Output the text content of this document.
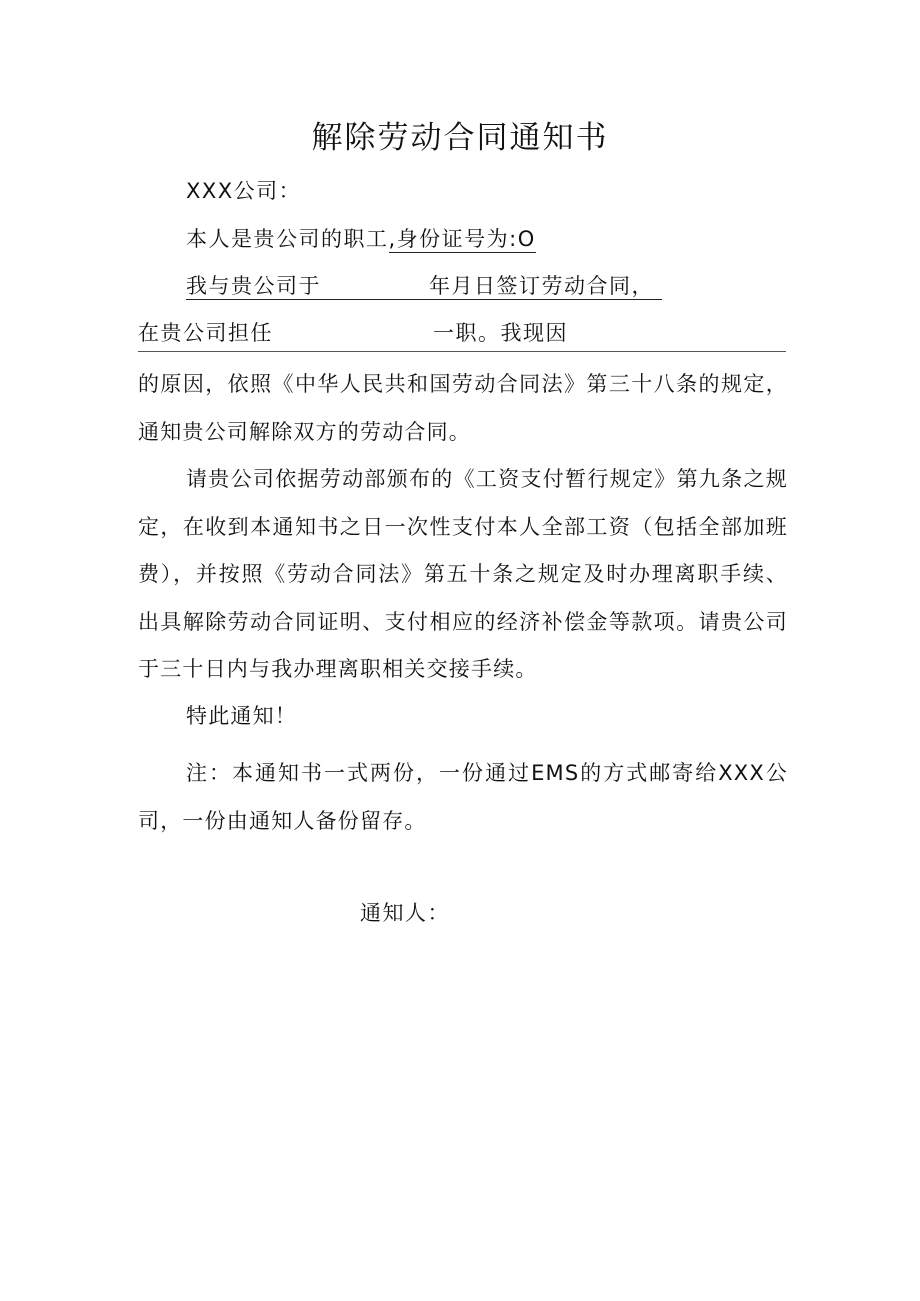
解除劳动合同通知书
XXX公司：
本人是贵公司的职工,身份证号为:O
我与贵公司于	年月日签订劳动合同，
在贵公司担任	一职。我现因

的原因，依照《中华人民共和国劳动合同法》第三十八条的规定，通知贵公司解除双方的劳动合同。

请贵公司依据劳动部颁布的《工资支付暂行规定》第九条之规定，在收到本通知书之日一次性支付本人全部工资（包括全部加班费），并按照《劳动合同法》第五十条之规定及时办理离职手续、出具解除劳动合同证明、支付相应的经济补偿金等款项。请贵公司于三十日内与我办理离职相关交接手续。

特此通知！

注：本通知书一式两份，一份通过EMS的方式邮寄给XXX公司，一份由通知人备份留存。

通知人：
